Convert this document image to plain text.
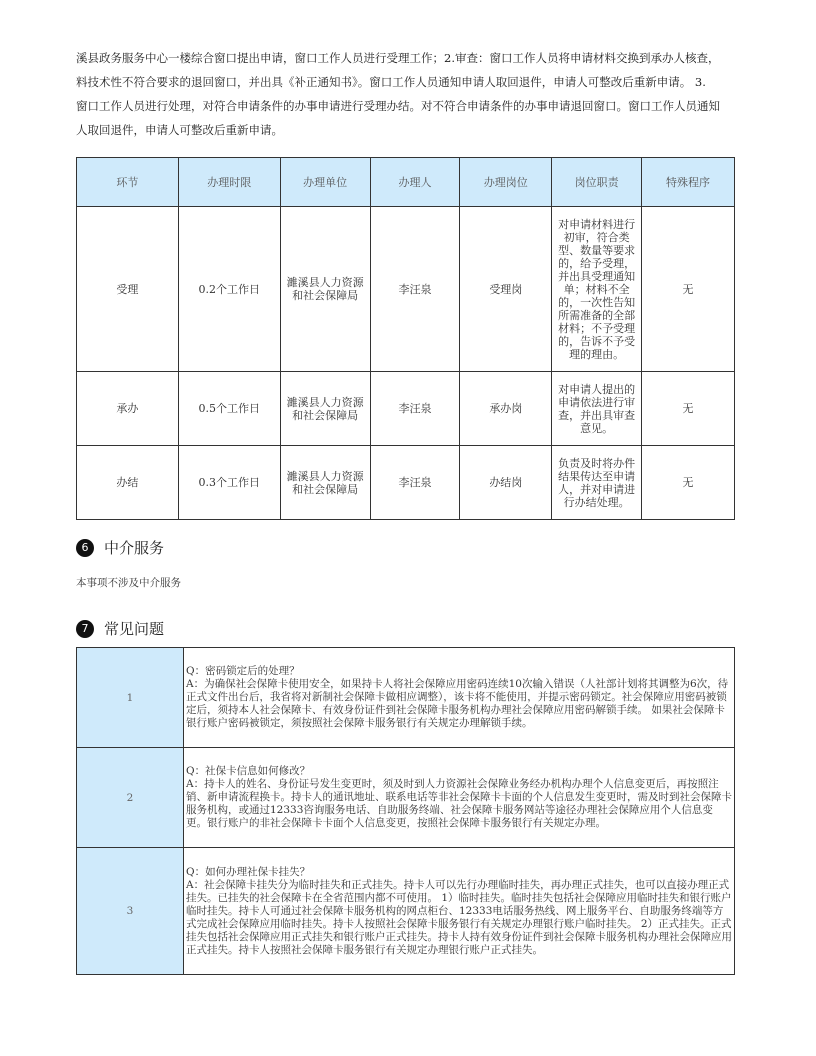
溪县政务服务中心一楼综合窗口提出申请，窗口工作人员进行受理工作；2.审查：窗口工作人员将申请材料交换到承办人核查，

料技术性不符合要求的退回窗口，并出具《补正通知书》。窗口工作人员通知申请人取回退件，申请人可整改后重新申请。 3.

窗口工作人员进行处理，对符合申请条件的办事申请进行受理办结。对不符合申请条件的办事申请退回窗口。窗口工作人员通知

人取回退件，申请人可整改后重新申请。

环节	办理时限	办理单位	办理人	办理岗位	岗位职责	特殊程序
受理	0.2个工作日	濉溪县人力资源和社会保障局	李汪泉	受理岗	对申请材料进行初审，符合类型、数量等要求的，给予受理，并出具受理通知单；材料不全的，一次性告知所需准备的全部材料；不予受理的，告诉不予受理的理由。	无
承办	0.5个工作日	濉溪县人力资源和社会保障局	李汪泉	承办岗	对申请人提出的申请依法进行审查，并出具审查意见。	无
办结	0.3个工作日	濉溪县人力资源和社会保障局	李汪泉	办结岗	负责及时将办件结果传达至申请人，并对申请进行办结处理。	无
6	中介服务
本事项不涉及中介服务
7	常见问题
1	Q：密码锁定后的处理？
A：为确保社会保障卡使用安全，如果持卡人将社会保障应用密码连续10次输入错误（人社部计划将其调整为6次，待正式文件出台后，我省将对新制社会保障卡做相应调整），该卡将不能使用，并提示密码锁定。社会保障应用密码被锁定后，须持本人社会保障卡、有效身份证件到社会保障卡服务机构办理社会保障应用密码解锁手续。 如果社会保障卡银行账户密码被锁定，须按照社会保障卡服务银行有关规定办理解锁手续。

2	Q：社保卡信息如何修改？
A：持卡人的姓名、身份证号发生变更时，须及时到人力资源社会保障业务经办机构办理个人信息变更后，再按照注销、新申请流程换卡。持卡人的通讯地址、联系电话等非社会保障卡卡面的个人信息发生变更时，需及时到社会保障卡服务机构，或通过12333咨询服务电话、自助服务终端、社会保障卡服务网站等途径办理社会保障应用个人信息变更。银行账户的非社会保障卡卡面个人信息变更，按照社会保障卡服务银行有关规定办理。

3	Q：如何办理社保卡挂失？
A：社会保障卡挂失分为临时挂失和正式挂失。持卡人可以先行办理临时挂失，再办理正式挂失，也可以直接办理正式挂失。已挂失的社会保障卡在全省范围内都不可使用。 1）临时挂失。临时挂失包括社会保障应用临时挂失和银行账户临时挂失。持卡人可通过社会保障卡服务机构的网点柜台、12333电话服务热线、网上服务平台、自助服务终端等方式完成社会保障应用临时挂失。持卡人按照社会保障卡服务银行有关规定办理银行账户临时挂失。 2）正式挂失。正式挂失包括社会保障应用正式挂失和银行账户正式挂失。持卡人持有效身份证件到社会保障卡服务机构办理社会保障应用正式挂失。持卡人按照社会保障卡服务银行有关规定办理银行账户正式挂失。
